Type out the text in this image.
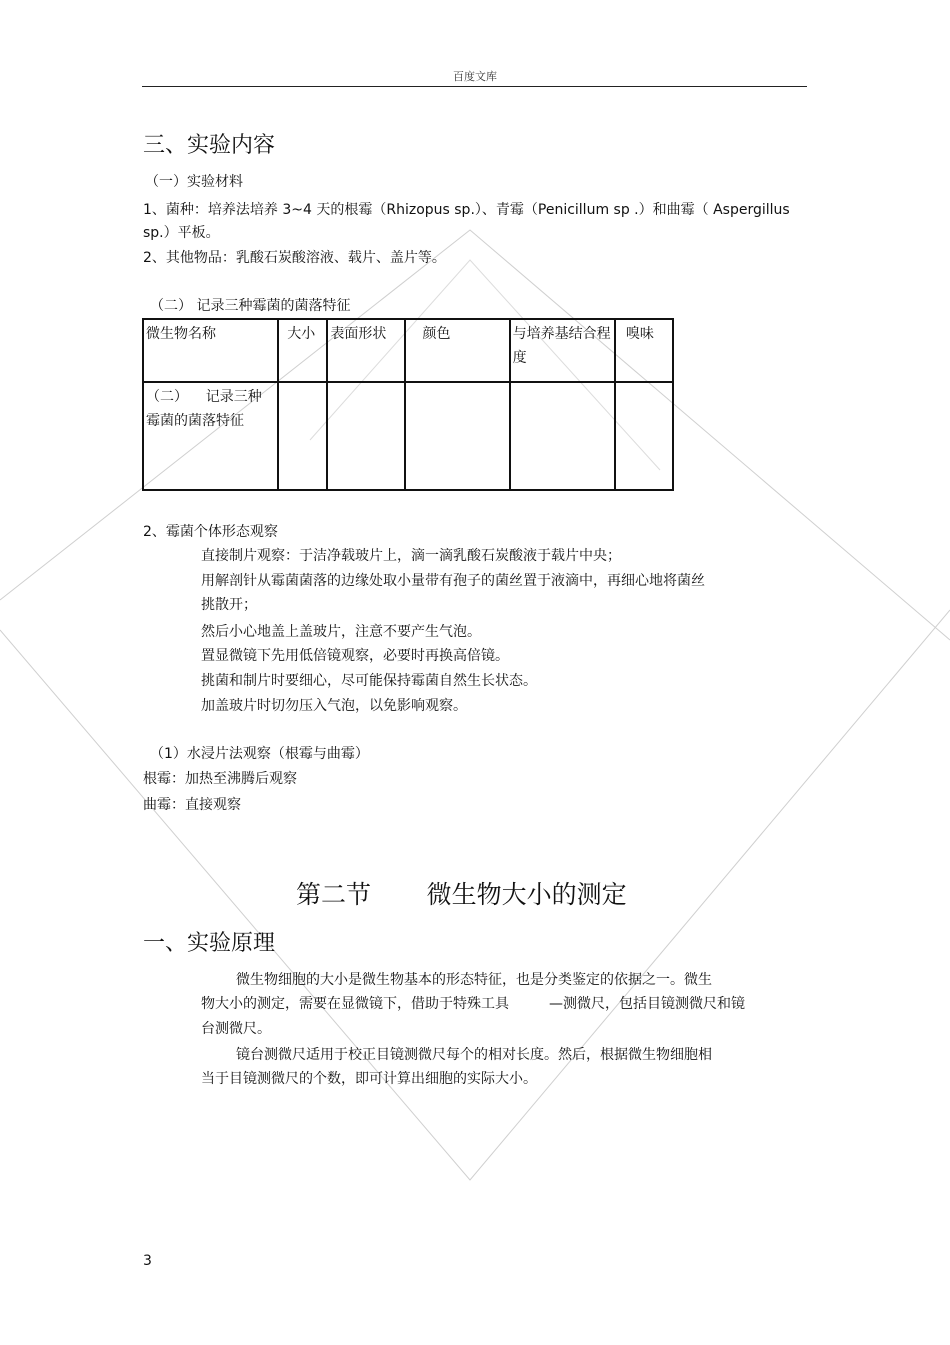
百度文库
三、实验内容
（一）实验材料
1、菌种：培养法培养 3~4 天的根霉（Rhizopus sp.）、青霉（Penicillum sp .）和曲霉（ Aspergillus
sp.）平板。
2、其他物品：乳酸石炭酸溶液、载片、盖片等。
（二） 记录三种霉菌的菌落特征
微生物名称	大小	表面形状	颜色	与培养基结合程度	嗅味

（二）    记录三种
霉菌的菌落特征					

2、霉菌个体形态观察
直接制片观察：于洁净载玻片上，滴一滴乳酸石炭酸液于载片中央；
用解剖针从霉菌菌落的边缘处取小量带有孢子的菌丝置于液滴中，再细心地将菌丝
挑散开；
然后小心地盖上盖玻片，注意不要产生气泡。
置显微镜下先用低倍镜观察，必要时再换高倍镜。
挑菌和制片时要细心，尽可能保持霉菌自然生长状态。
加盖玻片时切勿压入气泡，以免影响观察。
（1）水浸片法观察（根霉与曲霉）
根霉：加热至沸腾后观察
曲霉：直接观察
第二节       微生物大小的测定
一、实验原理
微生物细胞的大小是微生物基本的形态特征，也是分类鉴定的依据之一。微生
物大小的测定，需要在显微镜下，借助于特殊工具         —测微尺，包括目镜测微尺和镜
台测微尺。
镜台测微尺适用于校正目镜测微尺每个的相对长度。然后，根据微生物细胞相
当于目镜测微尺的个数，即可计算出细胞的实际大小。
3
